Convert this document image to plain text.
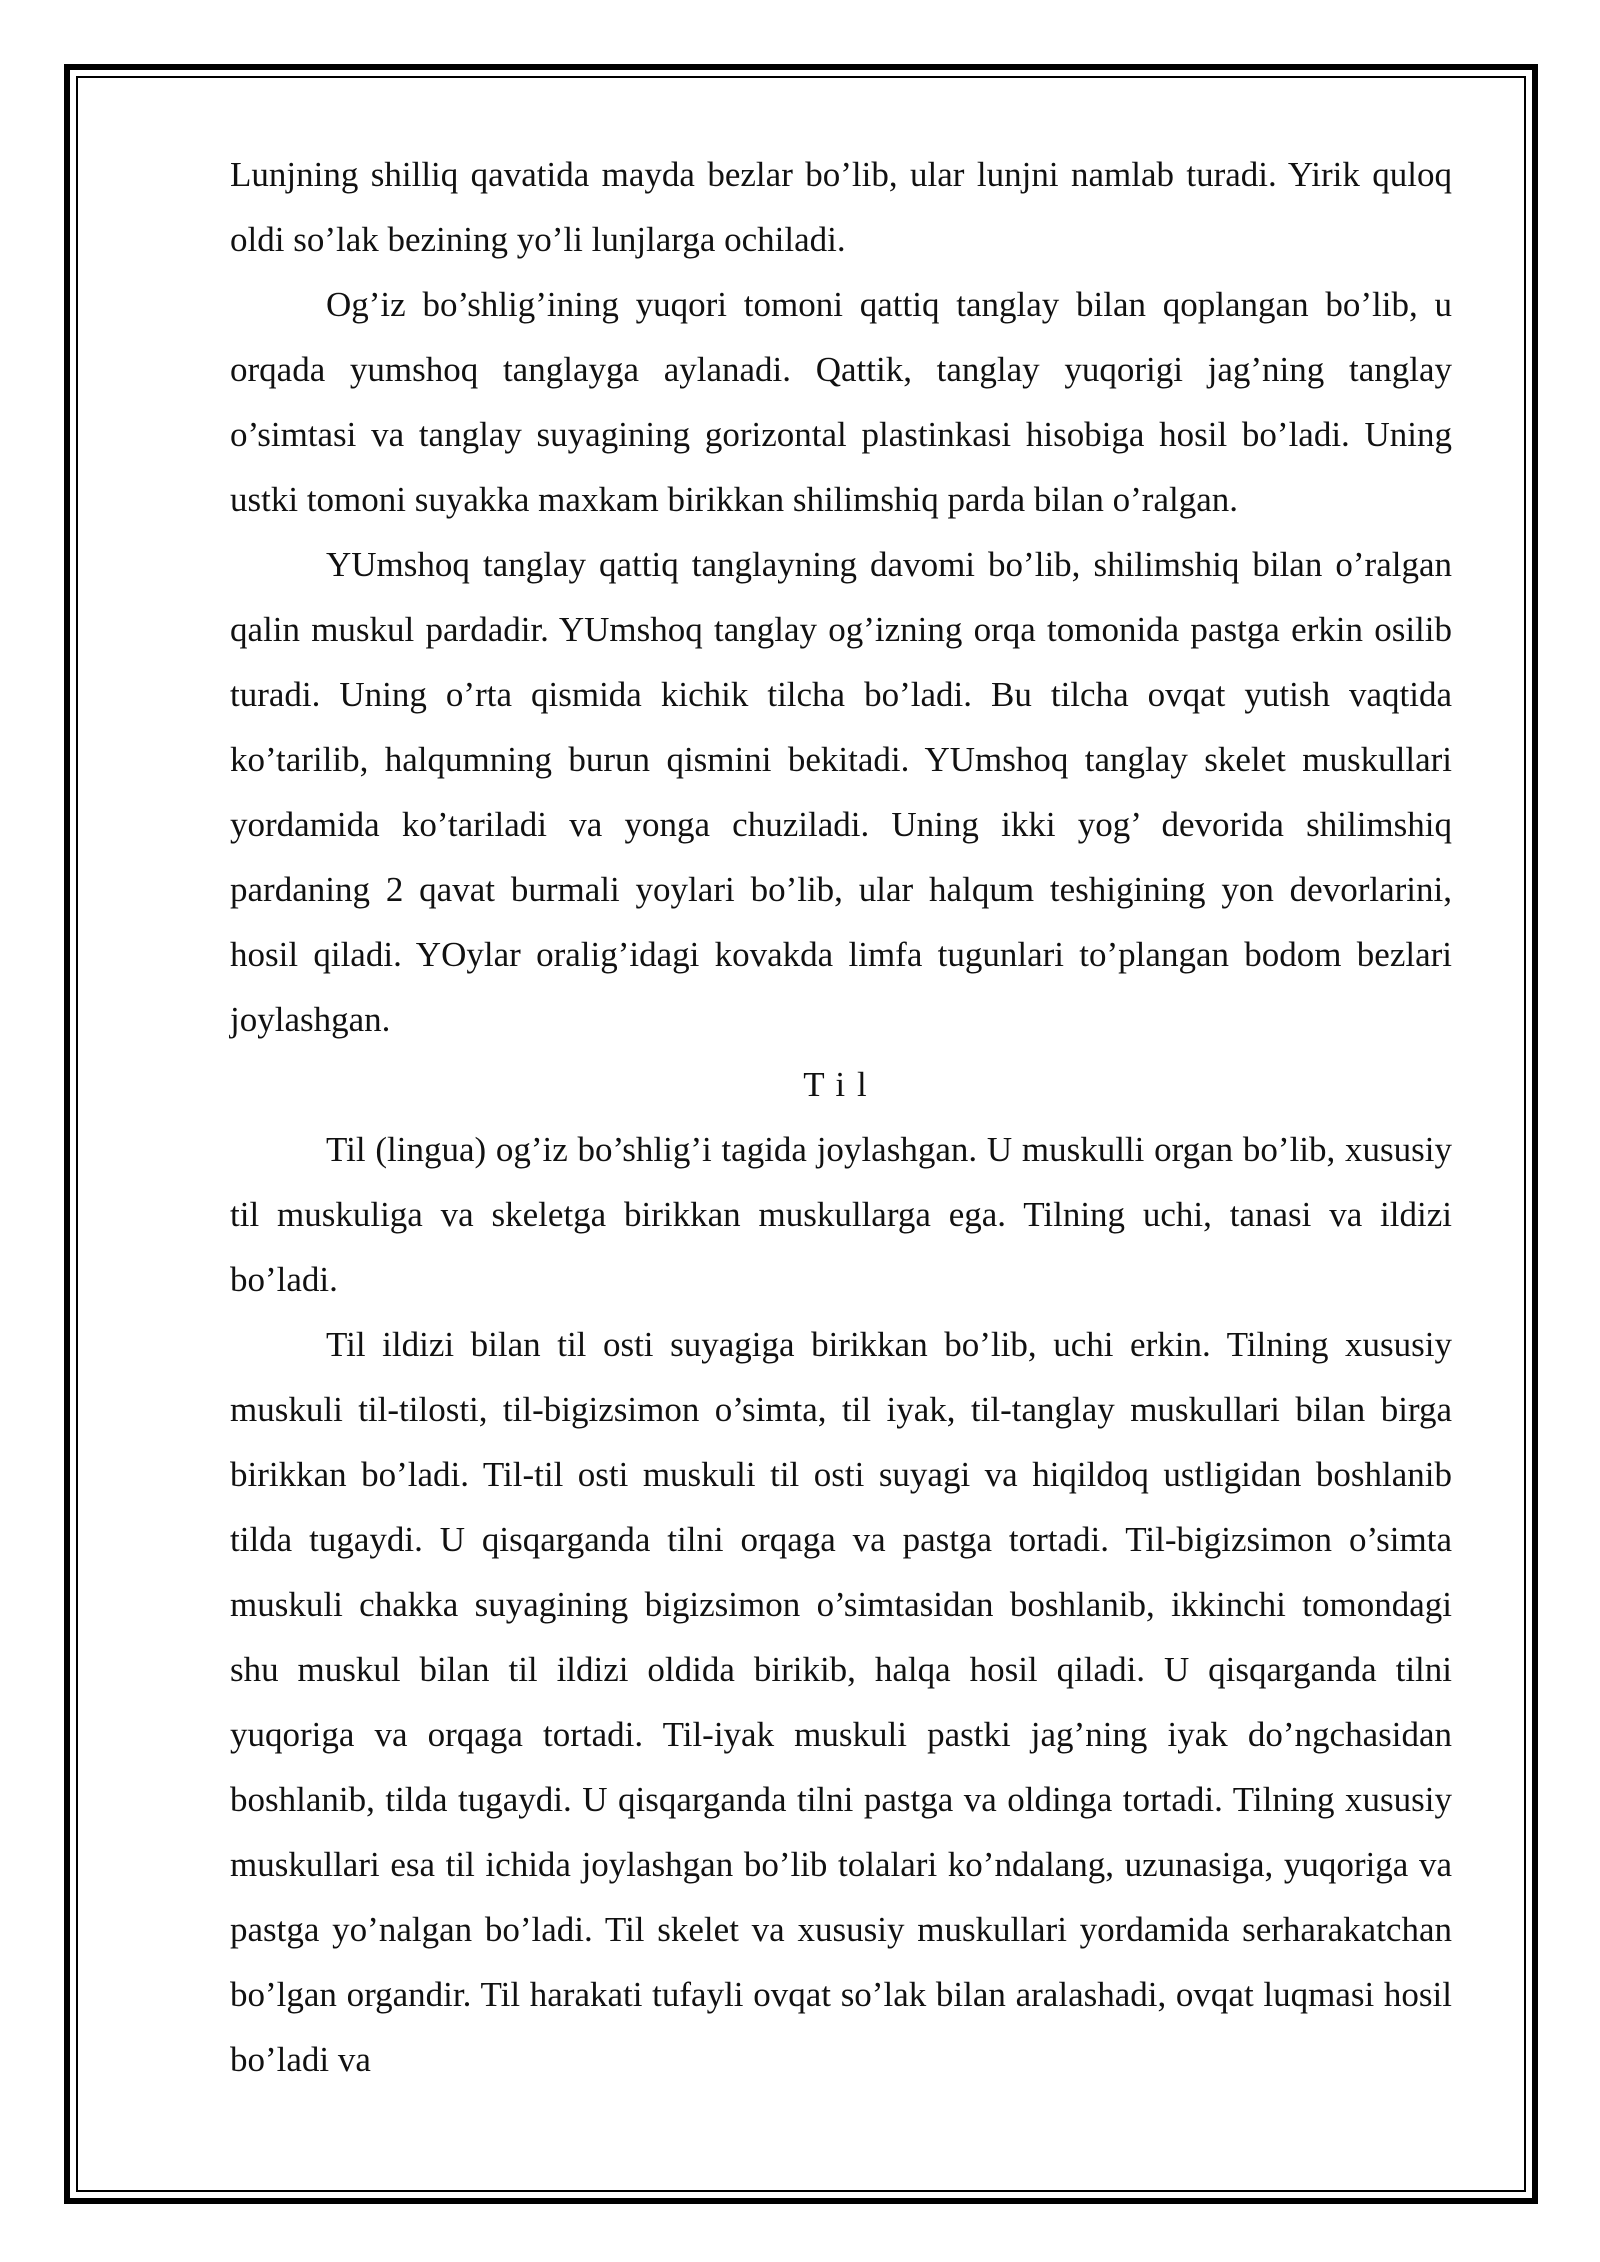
Lunjning shilliq qavatida mayda bezlar bo’lib, ular lunjni namlab turadi. Yirik quloq oldi so’lak bezining yo’li lunjlarga ochiladi.

Og’iz bo’shlig’ining yuqori tomoni qattiq tanglay bilan qoplangan bo’lib, u orqada yumshoq tanglayga aylanadi. Qattik, tanglay yuqorigi jag’ning tanglay o’simtasi va tanglay suyagining gorizontal plastinkasi hisobiga hosil bo’ladi. Uning ustki tomoni suyakka maxkam birikkan shilimshiq parda bilan o’ralgan.

YUmshoq tanglay qattiq tanglayning davomi bo’lib, shilimshiq bilan o’ralgan qalin muskul pardadir. YUmshoq tanglay og’izning orqa tomonida pastga erkin osilib turadi. Uning o’rta qismida kichik tilcha bo’ladi. Bu tilcha ovqat yutish vaqtida ko’tarilib, halqumning burun qismini bekitadi. YUmshoq tanglay skelet muskullari yordamida ko’tariladi va yonga chuziladi. Uning ikki yog’ devorida shilimshiq pardaning 2 qavat burmali yoylari bo’lib, ular halqum teshigining yon devorlarini, hosil qiladi. YOylar oralig’idagi kovakda limfa tugunlari to’plangan bodom bezlari joylashgan.

Til

Til (lingua) og’iz bo’shlig’i tagida joylashgan. U muskulli organ bo’lib, xususiy til muskuliga va skeletga birikkan muskullarga ega. Tilning uchi, tanasi va ildizi bo’ladi.

Til ildizi bilan til osti suyagiga birikkan bo’lib, uchi erkin. Tilning xususiy muskuli til-tilosti, til-bigizsimon o’simta, til iyak, til-tanglay muskullari bilan birga birikkan bo’ladi. Til-til osti muskuli til osti suyagi va hiqildoq ustligidan boshlanib tilda tugaydi. U qisqarganda tilni orqaga va pastga tortadi. Til-bigizsimon o’simta muskuli chakka suyagining bigizsimon o’simtasidan boshlanib, ikkinchi tomondagi shu muskul bilan til ildizi oldida birikib, halqa hosil qiladi. U qisqarganda tilni yuqoriga va orqaga tortadi. Til-iyak muskuli pastki jag’ning iyak do’ngchasidan boshlanib, tilda tugaydi. U qisqarganda tilni pastga va oldinga tortadi. Tilning xususiy muskullari esa til ichida joylashgan bo’lib tolalari ko’ndalang, uzunasiga, yuqoriga va pastga yo’nalgan bo’ladi. Til skelet va xususiy muskullari yordamida serharakatchan bo’lgan organdir. Til harakati tufayli ovqat so’lak bilan aralashadi, ovqat luqmasi hosil bo’ladi va
